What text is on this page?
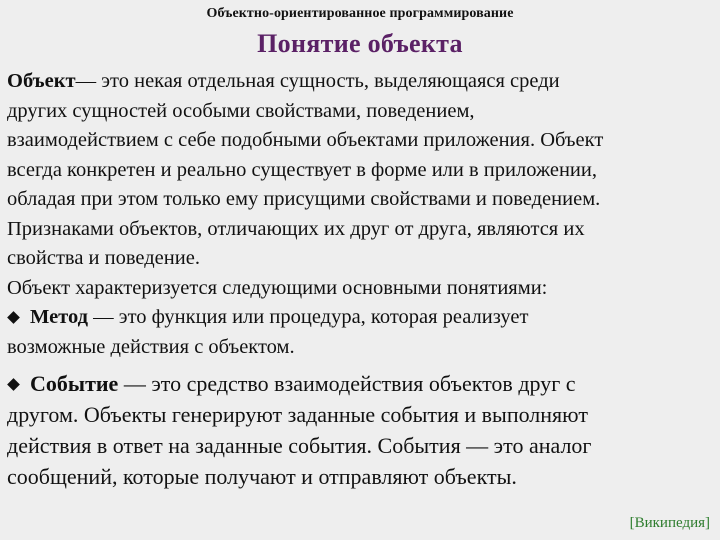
Объектно-ориентированное программирование
Понятие объекта

Объект— это некая отдельная сущность, выделяющаяся среди
других сущностей особыми свойствами, поведением,
взаимодействием с себе подобными объектами приложения. Объект
всегда конкретен и реально существует в форме или в приложении,
обладая при этом только ему присущими свойствами и поведением.

Признаками объектов, отличающих их друг от друга, являются их
свойства и поведение.

Объект характеризуется следующими основными понятиями:

Метод — это функция или процедура, которая реализует
возможные действия с объектом.

Событие — это средство взаимодействия объектов друг с
другом. Объекты генерируют заданные события и выполняют
действия в ответ на заданные события. События — это аналог
сообщений, которые получают и отправляют объекты.

[Википедия]
